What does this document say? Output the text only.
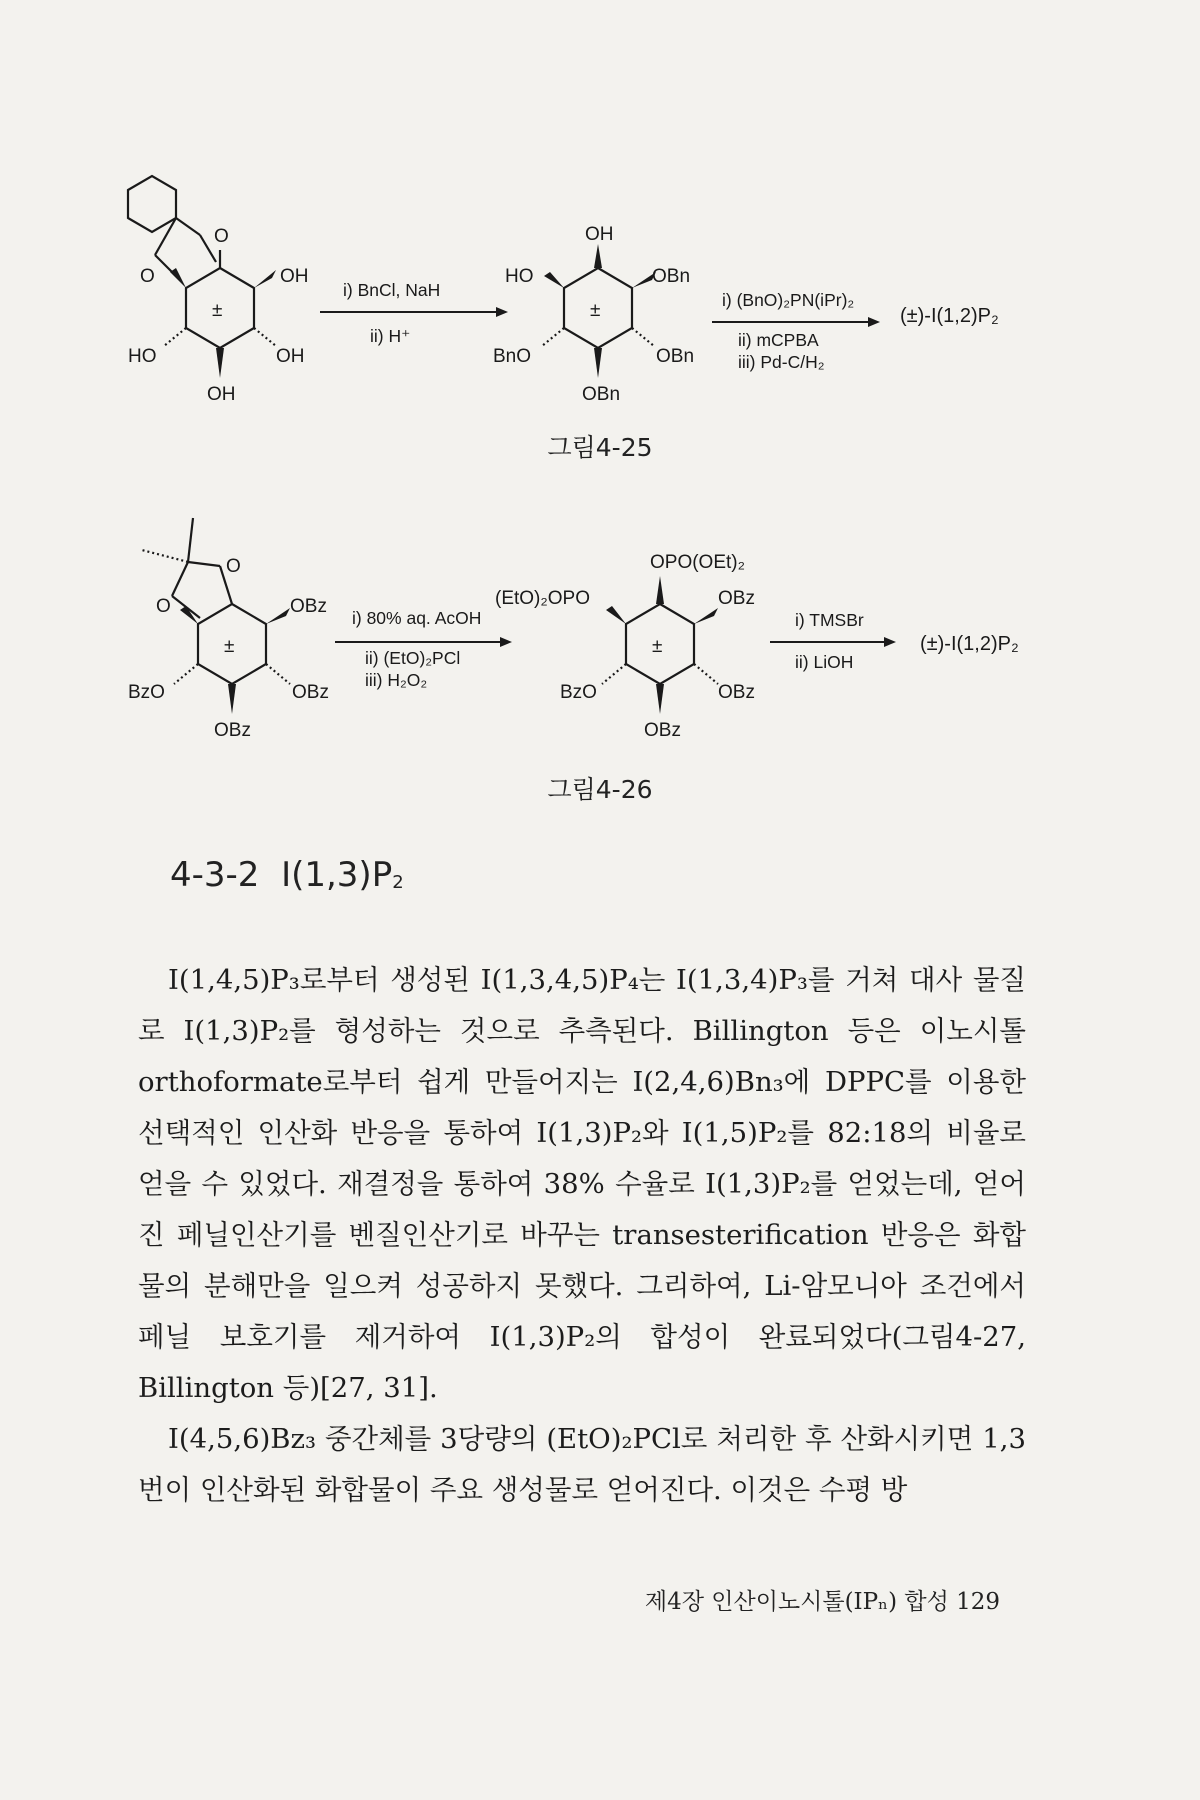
O
O	OH
±
HO	OH
OH
i) BnCl, NaH
ii) H⁺
OH
HO	OBn
±
BnO	OBn
OBn
i) (BnO)₂PN(iPr)₂
ii) mCPBA
iii) Pd-C/H₂
(±)-I(1,2)P₂
그림4-25
O
O	OBz
±
BzO	OBz
OBz
i) 80% aq. AcOH
ii) (EtO)₂PCl
iii) H₂O₂
OPO(OEt)₂
(EtO)₂OPO	OBz
±
BzO	OBz
OBz
i) TMSBr
ii) LiOH
(±)-I(1,2)P₂
그림4-26
4-3-2 $I(1,3)P_2$

I(1,4,5)P₃로부터 생성된 I(1,3,4,5)P₄는 I(1,3,4)P₃를 거쳐 대사 물질로 I(1,3)P₂를 형성하는 것으로 추측된다. Billington 등은 이노시톨 orthoformate로부터 쉽게 만들어지는 I(2,4,6)Bn₃에 DPPC를 이용한 선택적인 인산화 반응을 통하여 I(1,3)P₂와 I(1,5)P₂를 82:18의 비율로 얻을 수 있었다. 재결정을 통하여 38% 수율로 I(1,3)P₂를 얻었는데, 얻어진 페닐인산기를 벤질인산기로 바꾸는 transesterification 반응은 화합물의 분해만을 일으켜 성공하지 못했다. 그리하여, Li-암모니아 조건에서 페닐 보호기를 제거하여 I(1,3)P₂의 합성이 완료되었다(그림4-27, Billington 등)[27, 31].

I(4,5,6)Bz₃ 중간체를 3당량의 (EtO)₂PCl로 처리한 후 산화시키면 1,3번이 인산화된 화합물이 주요 생성물로 얻어진다. 이것은 수평 방

제4장 인산이노시톨(IPₙ) 합성 129
